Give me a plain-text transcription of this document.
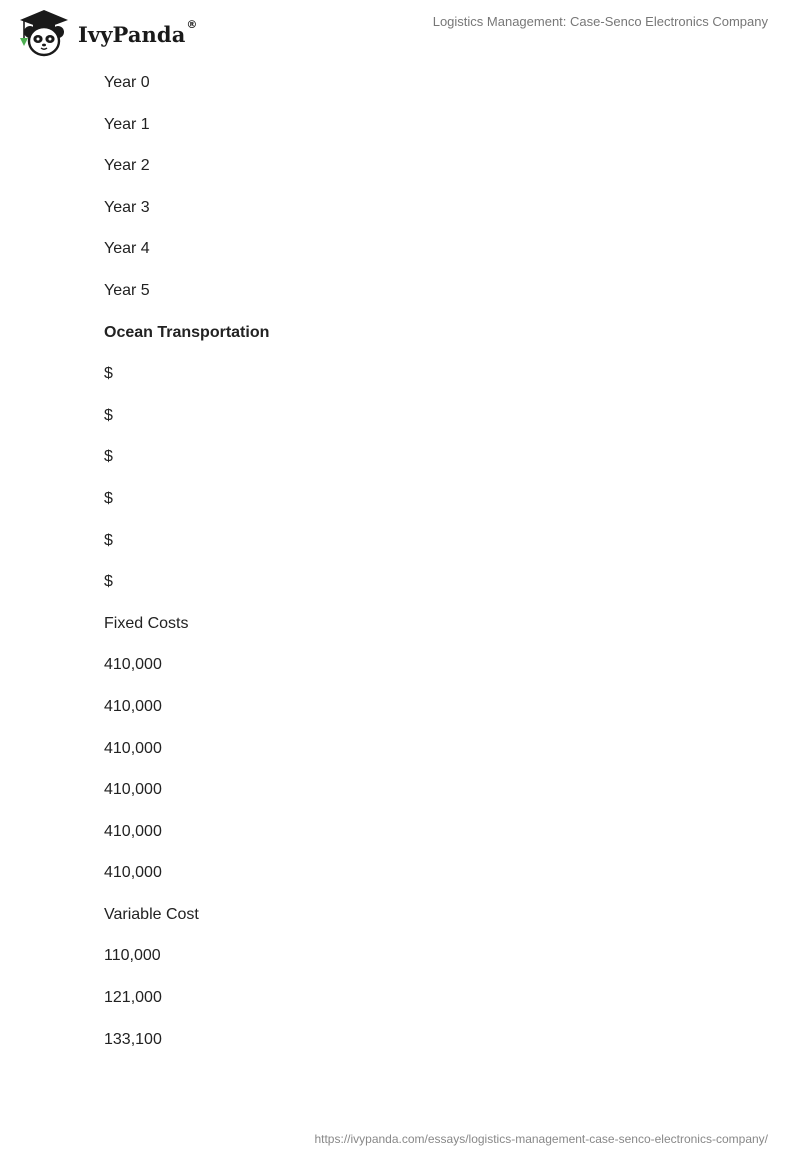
IvyPanda ®	Logistics Management: Case-Senco Electronics Company
Year 0
Year 1
Year 2
Year 3
Year 4
Year 5
Ocean Transportation
$
$
$
$
$
$
Fixed Costs
410,000
410,000
410,000
410,000
410,000
410,000
Variable Cost
110,000
121,000
133,100
https://ivypanda.com/essays/logistics-management-case-senco-electronics-company/
